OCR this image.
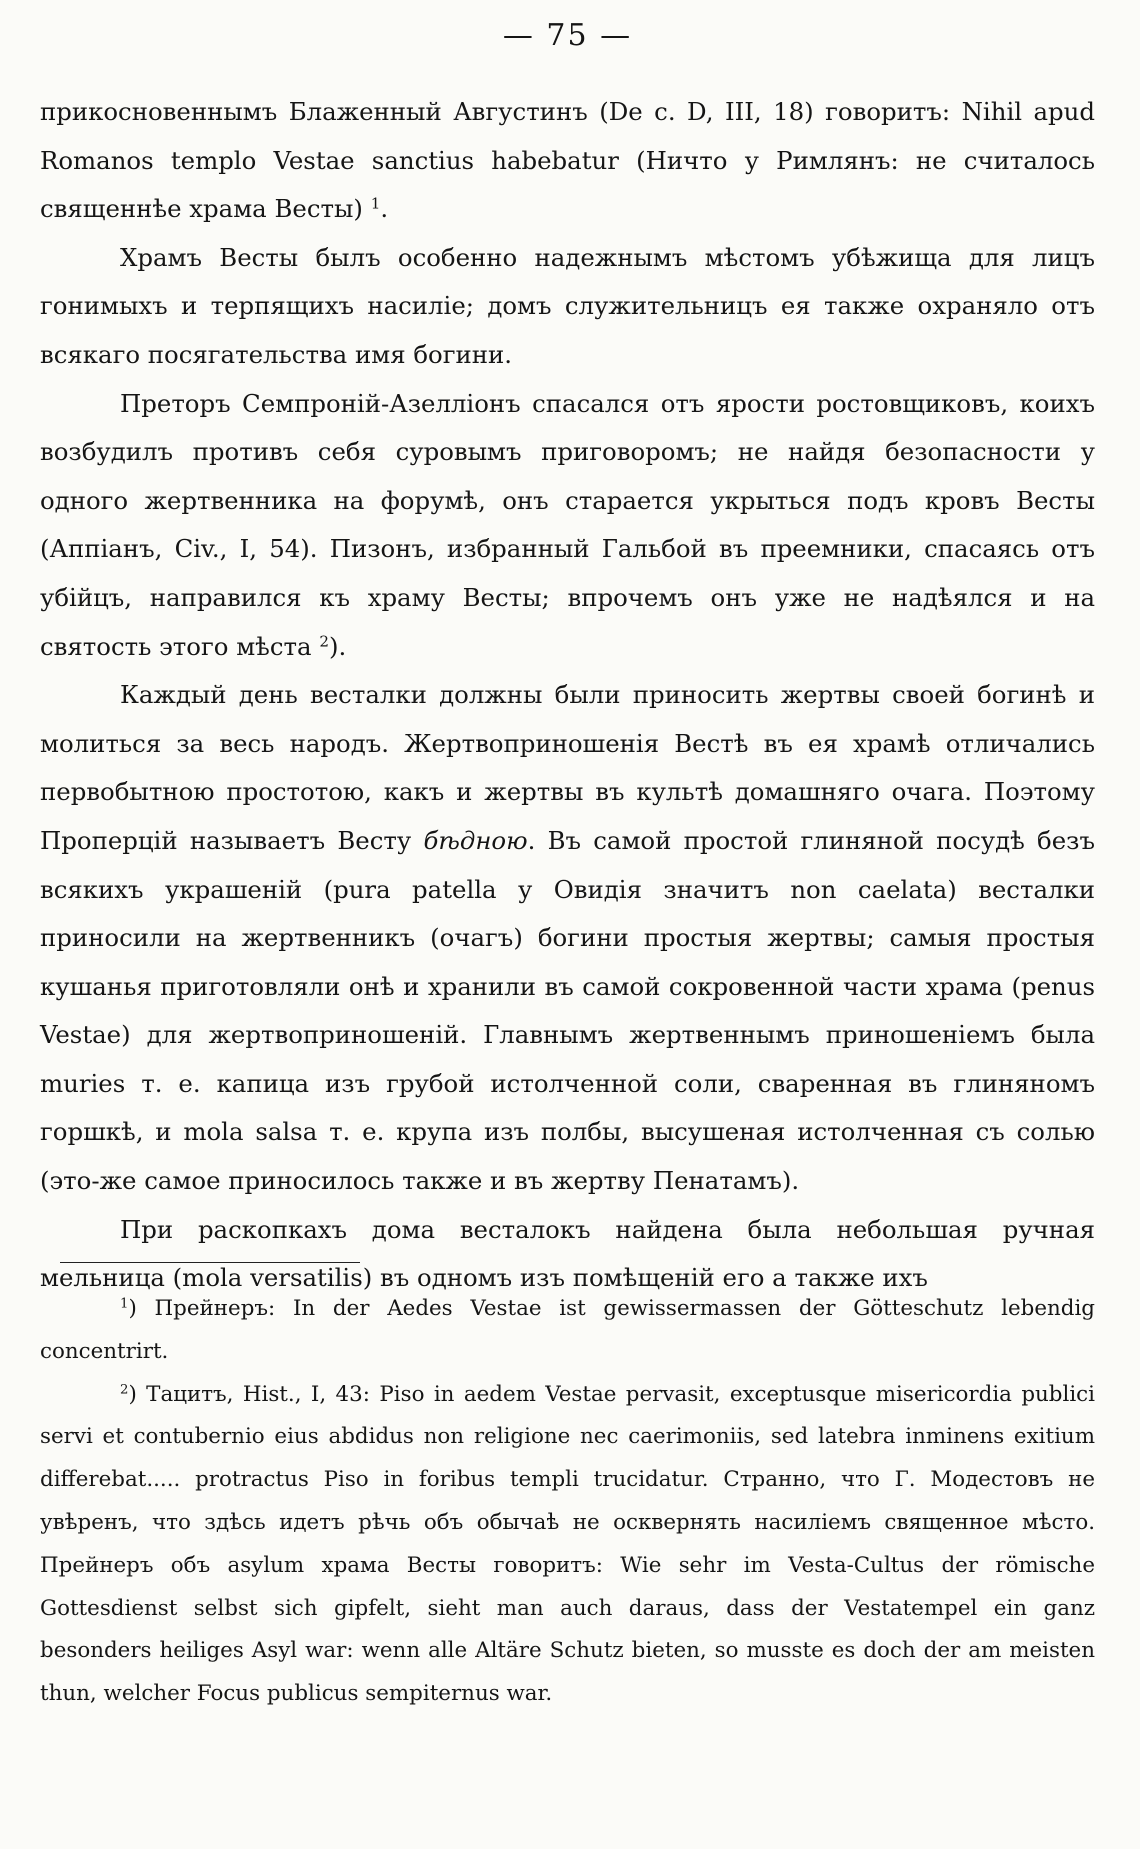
— 75 —

прикосновеннымъ Блаженный Августинъ (De c. D, III, 18) говоритъ: Nihil apud Romanos templo Vestae sanctius habebatur (Ничто у Римлянъ: не считалось священнѣе храма Весты) $^1$.

Храмъ Весты былъ особенно надежнымъ мѣстомъ убѣжища для лицъ гонимыхъ и терпящихъ насиліе; домъ служительницъ ея также охраняло отъ всякаго посягательства имя богини.

Преторъ Семпроній-Азелліонъ спасался отъ ярости ростовщиковъ, коихъ возбудилъ противъ себя суровымъ приговоромъ; не найдя безопасности у одного жертвенника на форумѣ, онъ старается укрыться подъ кровъ Весты (Аппіанъ, Civ., I, 54). Пизонъ, избранный Гальбой въ преемники, спасаясь отъ убійцъ, направился къ храму Весты; впрочемъ онъ уже не надѣялся и на святость этого мѣста $^2$).

Каждый день весталки должны были приносить жертвы своей богинѣ и молиться за весь народъ. Жертвоприношенія Вестѣ въ ея храмѣ отличались первобытною простотою, какъ и жертвы въ культѣ домашняго очага. Поэтому Проперцій называетъ Весту бѣдною. Въ самой простой глиняной посудѣ безъ всякихъ украшеній (pura patella у Овидія значитъ non caelata) весталки приносили на жертвенникъ (очагъ) богини простыя жертвы; самыя простыя кушанья приготовляли онѣ и хранили въ самой сокровенной части храма (penus Vestae) для жертвоприношеній. Главнымъ жертвеннымъ приношеніемъ была muries т. е. капица изъ грубой истолченной соли, сваренная въ глиняномъ горшкѣ, и mola salsa т. е. крупа изъ полбы, высушеная истолченная съ солью (это-же самое приносилось также и въ жертву Пенатамъ).

При раскопкахъ дома весталокъ найдена была небольшая ручная мельница (mola versatilis) въ одномъ изъ помѣщеній его а также ихъ

$^1$) Прейнеръ: In der Aedes Vestae ist gewissermassen der Götteschutz lebendig concentrirt.

$^2$) Тацитъ, Hist., I, 43: Piso in aedem Vestae pervasit, exceptusque misericordia publici servi et contubernio eius abdidus non religione nec caerimoniis, sed latebra inminens exitium differebat..... protractus Piso in foribus templi trucidatur. Странно, что Г. Модестовъ не увѣренъ, что здѣсь идетъ рѣчь объ обычаѣ не осквернять насиліемъ священное мѣсто. Прейнеръ объ asylum храма Весты говоритъ: Wie sehr im Vesta-Cultus der römische Gottesdienst selbst sich gipfelt, sieht man auch daraus, dass der Vestatempel ein ganz besonders heiliges Asyl war: wenn alle Altäre Schutz bieten, so musste es doch der am meisten thun, welcher Focus publicus sempiternus war.
